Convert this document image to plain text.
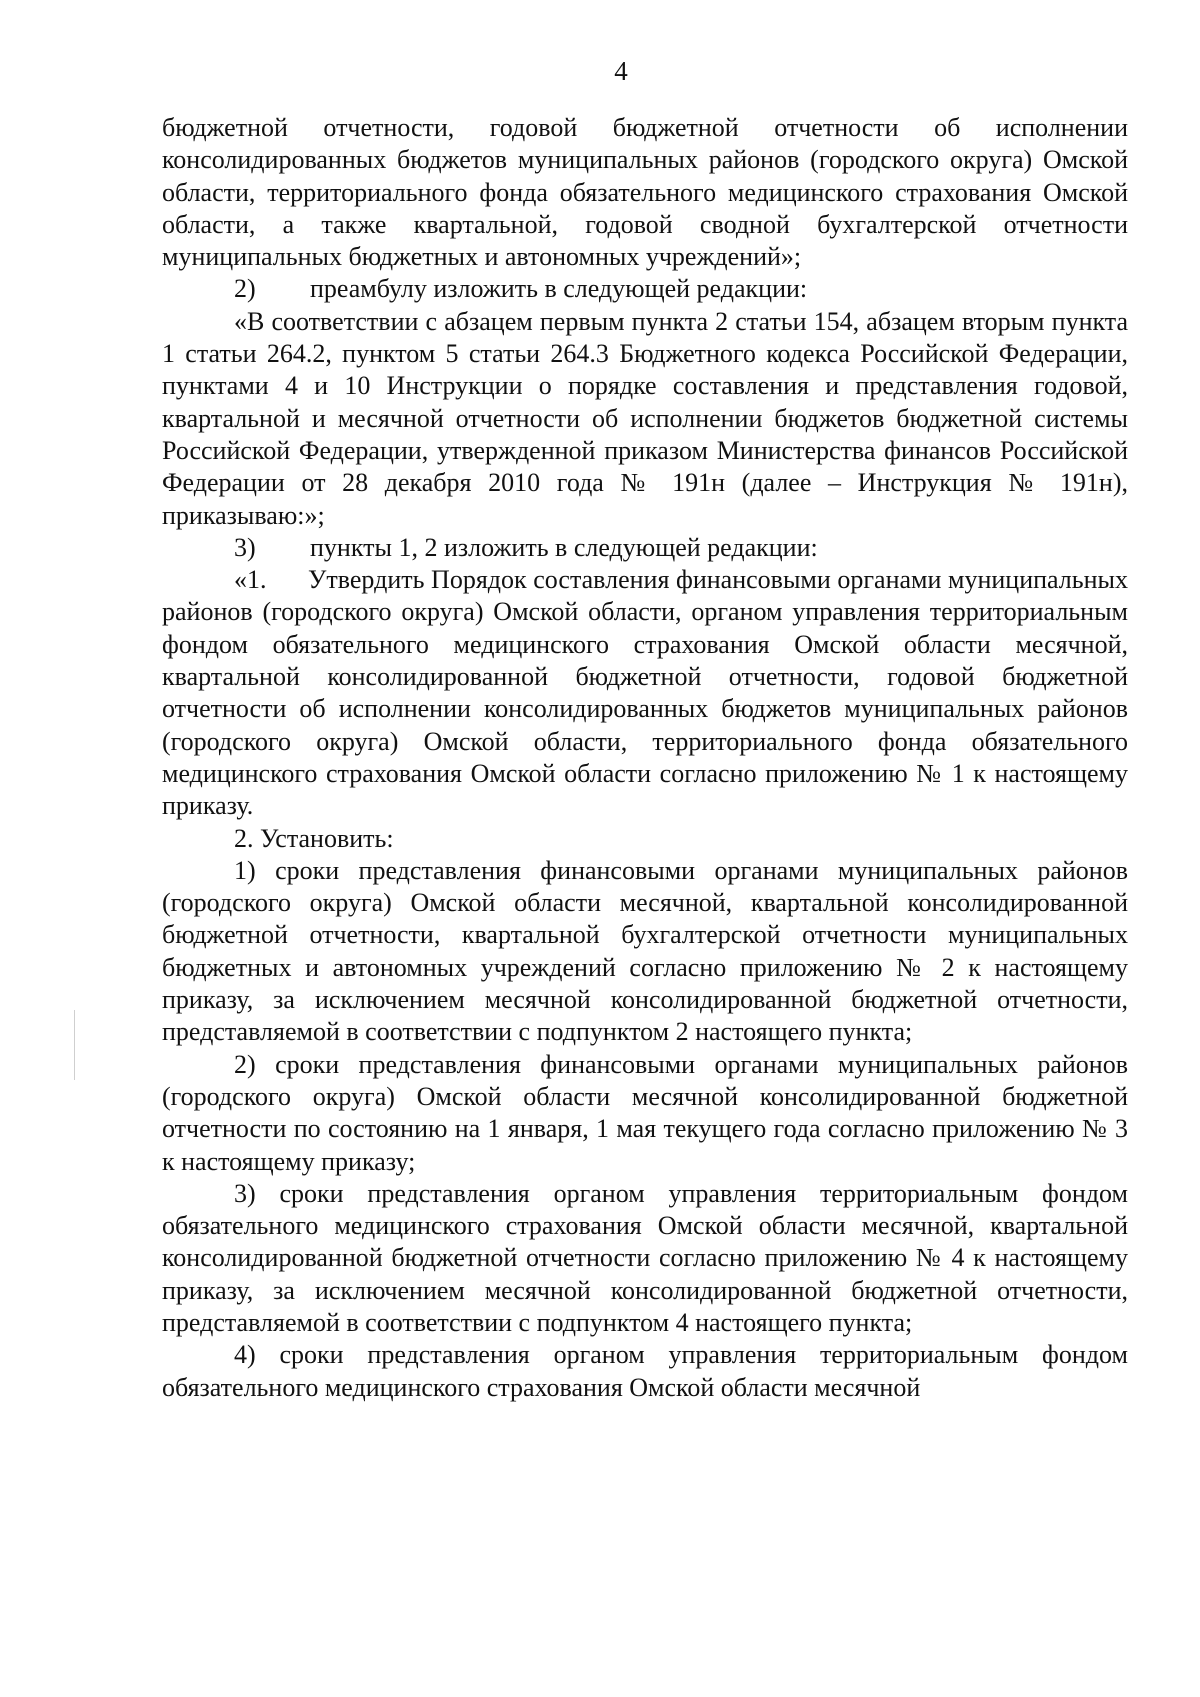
4

бюджетной отчетности, годовой бюджетной отчетности об исполнении консолидированных бюджетов муниципальных районов (городского округа) Омской области, территориального фонда обязательного медицинского страхования Омской области, а также квартальной, годовой сводной бухгалтерской отчетности муниципальных бюджетных и автономных учреждений»;

2) преамбулу изложить в следующей редакции:

«В соответствии с абзацем первым пункта 2 статьи 154, абзацем вторым пункта 1 статьи 264.2, пунктом 5 статьи 264.3 Бюджетного кодекса Российской Федерации, пунктами 4 и 10 Инструкции о порядке составления и представления годовой, квартальной и месячной отчетности об исполнении бюджетов бюджетной системы Российской Федерации, утвержденной приказом Министерства финансов Российской Федерации от 28 декабря 2010 года № 191н (далее – Инструкция № 191н), приказываю:»;

3) пункты 1, 2 изложить в следующей редакции:

«1. Утвердить Порядок составления финансовыми органами муниципальных районов (городского округа) Омской области, органом управления территориальным фондом обязательного медицинского страхования Омской области месячной, квартальной консолидированной бюджетной отчетности, годовой бюджетной отчетности об исполнении консолидированных бюджетов муниципальных районов (городского округа) Омской области, территориального фонда обязательного медицинского страхования Омской области согласно приложению № 1 к настоящему приказу.

2. Установить:

1) сроки представления финансовыми органами муниципальных районов (городского округа) Омской области месячной, квартальной консолидированной бюджетной отчетности, квартальной бухгалтерской отчетности муниципальных бюджетных и автономных учреждений согласно приложению № 2 к настоящему приказу, за исключением месячной консолидированной бюджетной отчетности, представляемой в соответствии с подпунктом 2 настоящего пункта;

2) сроки представления финансовыми органами муниципальных районов (городского округа) Омской области месячной консолидированной бюджетной отчетности по состоянию на 1 января, 1 мая текущего года согласно приложению № 3 к настоящему приказу;

3) сроки представления органом управления территориальным фондом обязательного медицинского страхования Омской области месячной, квартальной консолидированной бюджетной отчетности согласно приложению № 4 к настоящему приказу, за исключением месячной консолидированной бюджетной отчетности, представляемой в соответствии с подпунктом 4 настоящего пункта;

4) сроки представления органом управления территориальным фондом обязательного медицинского страхования Омской области месячной
